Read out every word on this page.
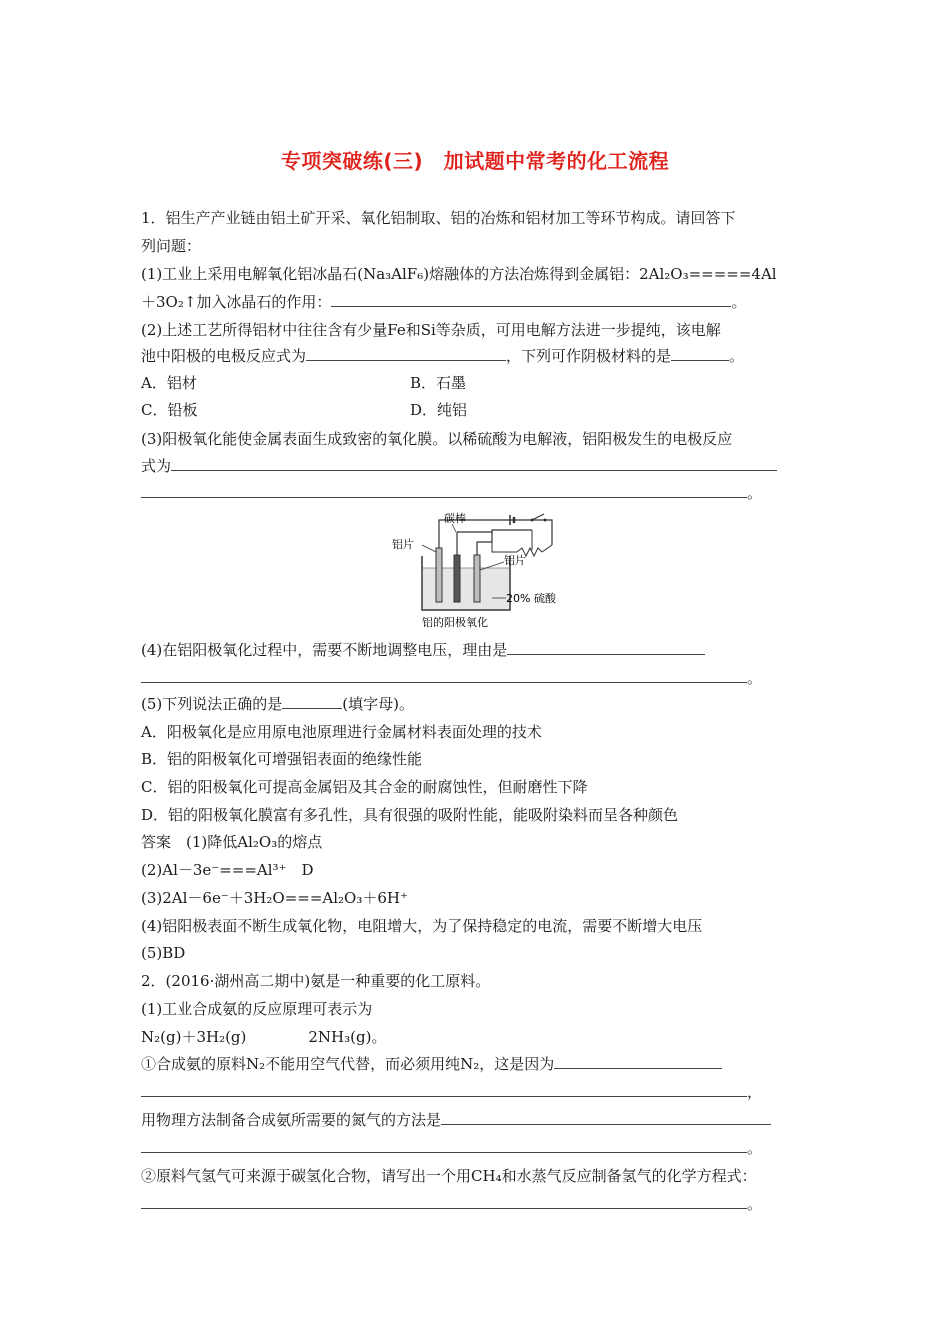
专项突破练(三)　加试题中常考的化工流程
1．铝生产产业链由铝土矿开采、氧化铝制取、铝的冶炼和铝材加工等环节构成。请回答下
列问题：
(1)工业上采用电解氧化铝冰晶石(Na₃AlF₆)熔融体的方法冶炼得到金属铝：2Al₂O₃=====4Al
＋3O₂↑加入冰晶石的作用：	。
(2)上述工艺所得铝材中往往含有少量Fe和Si等杂质，可用电解方法进一步提纯，该电解
池中阳极的电极反应式为	，下列可作阴极材料的是	。
A．铝材	B．石墨
C．铅板	D．纯铝
(3)阳极氧化能使金属表面生成致密的氧化膜。以稀硫酸为电解液，铝阳极发生的电极反应
式为
。
碳棒
铝片
铝片
20% 硫酸
铝的阳极氧化
(4)在铝阳极氧化过程中，需要不断地调整电压，理由是
。
(5)下列说法正确的是	(填字母)。
A．阳极氧化是应用原电池原理进行金属材料表面处理的技术
B．铝的阳极氧化可增强铝表面的绝缘性能
C．铝的阳极氧化可提高金属铝及其合金的耐腐蚀性，但耐磨性下降
D．铝的阳极氧化膜富有多孔性，具有很强的吸附性能，能吸附染料而呈各种颜色
答案　(1)降低Al₂O₃的熔点
(2)Al－3e⁻===Al³⁺　D
(3)2Al－6e⁻＋3H₂O===Al₂O₃＋6H⁺
(4)铝阳极表面不断生成氧化物，电阻增大，为了保持稳定的电流，需要不断增大电压
(5)BD
2．(2016·湖州高二期中)氨是一种重要的化工原料。
(1)工业合成氨的反应原理可表示为
N₂(g)＋3H₂(g)	2NH₃(g)。
①合成氨的原料N₂不能用空气代替，而必须用纯N₂，这是因为
，
用物理方法制备合成氨所需要的氮气的方法是
。
②原料气氢气可来源于碳氢化合物，请写出一个用CH₄和水蒸气反应制备氢气的化学方程式：
。
